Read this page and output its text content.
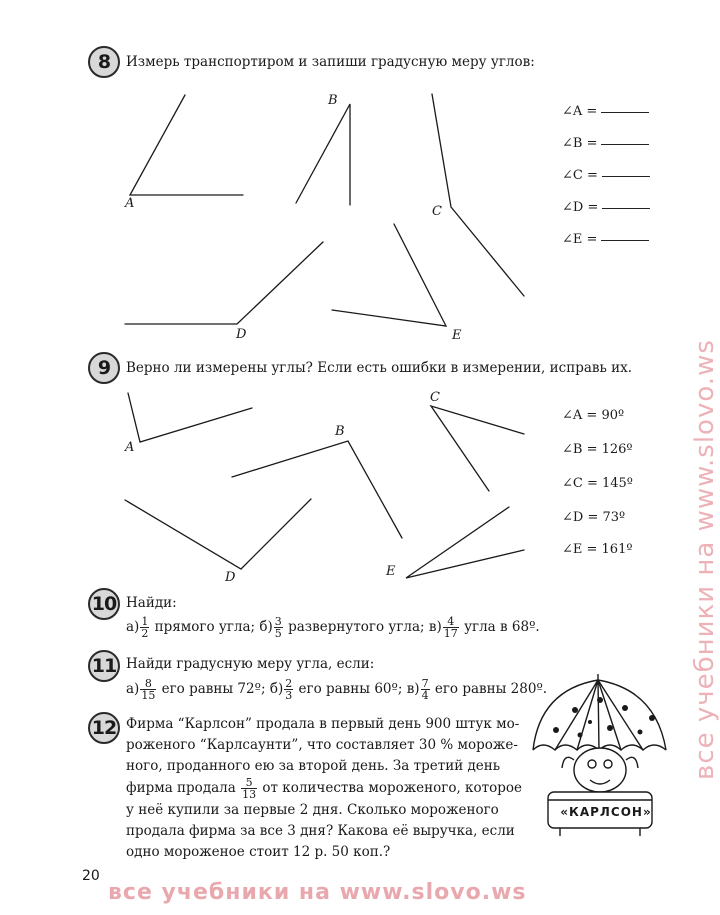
8	Измерь транспортиром и запиши градусную меру углов:
A
B
C
D	E
∠A =
∠B =
∠C =
∠D =
∠E =
9	Верно ли измерены углы? Если есть ошибки в измерении, исправь их.
A
B
C
D	E
∠A = 90º
∠B = 126º
∠C = 145º
∠D = 73º
∠E = 161º
10 Найди:
$а) \frac{1}{2}$ прямого угла; $б) \frac{3}{5}$ развернутого угла; $в) \frac{4}{17}$ угла в 68º.
11 Найди градусную меру угла, если:
$а) \frac{8}{15}$ его равны 72º; $б) \frac{2}{3}$ его равны 60º; $в) \frac{7}{4}$ его равны 280º.
12 Фирма “Карлсон” продала в первый день 900 штук мо-
роженого “Карлсаунти”, что составляет 30 % мороже-
ного, проданного ею за второй день. За третий день
фирма продала $\frac{5}{13}$ от количества мороженого, которое
у неё купили за первые 2 дня. Сколько мороженого
продала фирма за все 3 дня? Какова её выручка, если
одно мороженое стоит 12 р. 50 коп.?
«КАРЛСОН»
20
все учебники на www.slovo.ws
все учебники на www.slovo.ws
